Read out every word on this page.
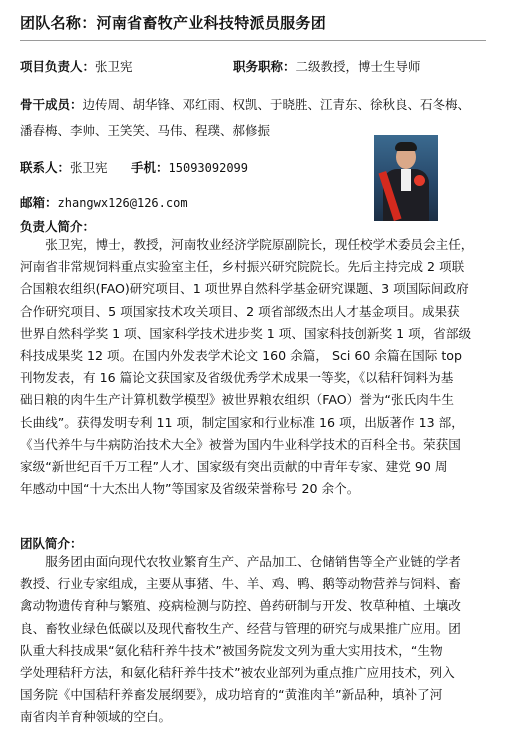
团队名称：河南省畜牧产业科技特派员服务团
项目负责人：张卫宪	职务职称：二级教授，博士生导师
骨干成员：边传周、胡华锋、邓红雨、权凯、于晓胜、江青东、徐秋良、石冬梅、
潘春梅、李帅、王笑笑、马伟、程璞、郝修振
联系人：张卫宪 手机：15093092099
邮箱：zhangwx126@126.com
负责人简介：
　　张卫宪，博士，教授，河南牧业经济学院原副院长，现任校学术委员会主任，
河南省非常规饲料重点实验室主任，乡村振兴研究院院长。先后主持完成 2 项联
合国粮农组织(FAO)研究项目、1 项世界自然科学基金研究课题、3 项国际间政府
合作研究项目、5 项国家技术攻关项目、2 项省部级杰出人才基金项目。成果获
世界自然科学奖 1 项、国家科学技术进步奖 1 项、国家科技创新奖 1 项，省部级
科技成果奖 12 项。在国内外发表学术论文 160 余篇， Sci 60 余篇在国际 top
刊物发表，有 16 篇论文获国家及省级优秀学术成果一等奖，《以秸秆饲料为基
础日粮的肉牛生产计算机数学模型》被世界粮农组织（FAO）誉为“张氏肉牛生
长曲线”。获得发明专利 11 项，制定国家和行业标准 16 项，出版著作 13 部，
《当代养牛与牛病防治技术大全》被誉为国内牛业科学技术的百科全书。荣获国
家级“新世纪百千万工程”人才、国家级有突出贡献的中青年专家、建党 90 周
年感动中国“十大杰出人物”等国家及省级荣誉称号 20 余个。
团队简介：
　　服务团由面向现代农牧业繁育生产、产品加工、仓储销售等全产业链的学者
教授、行业专家组成，主要从事猪、牛、羊、鸡、鸭、鹅等动物营养与饲料、畜
禽动物遗传育种与繁殖、疫病检测与防控、兽药研制与开发、牧草种植、土壤改
良、畜牧业绿色低碳以及现代畜牧生产、经营与管理的研究与成果推广应用。团
队重大科技成果“氨化秸秆养牛技术”被国务院发文列为重大实用技术，“生物
学处理秸秆方法，和氨化秸秆养牛技术”被农业部列为重点推广应用技术，列入
国务院《中国秸秆养畜发展纲要》，成功培育的“黄淮肉羊”新品种，填补了河
南省肉羊育种领域的空白。
